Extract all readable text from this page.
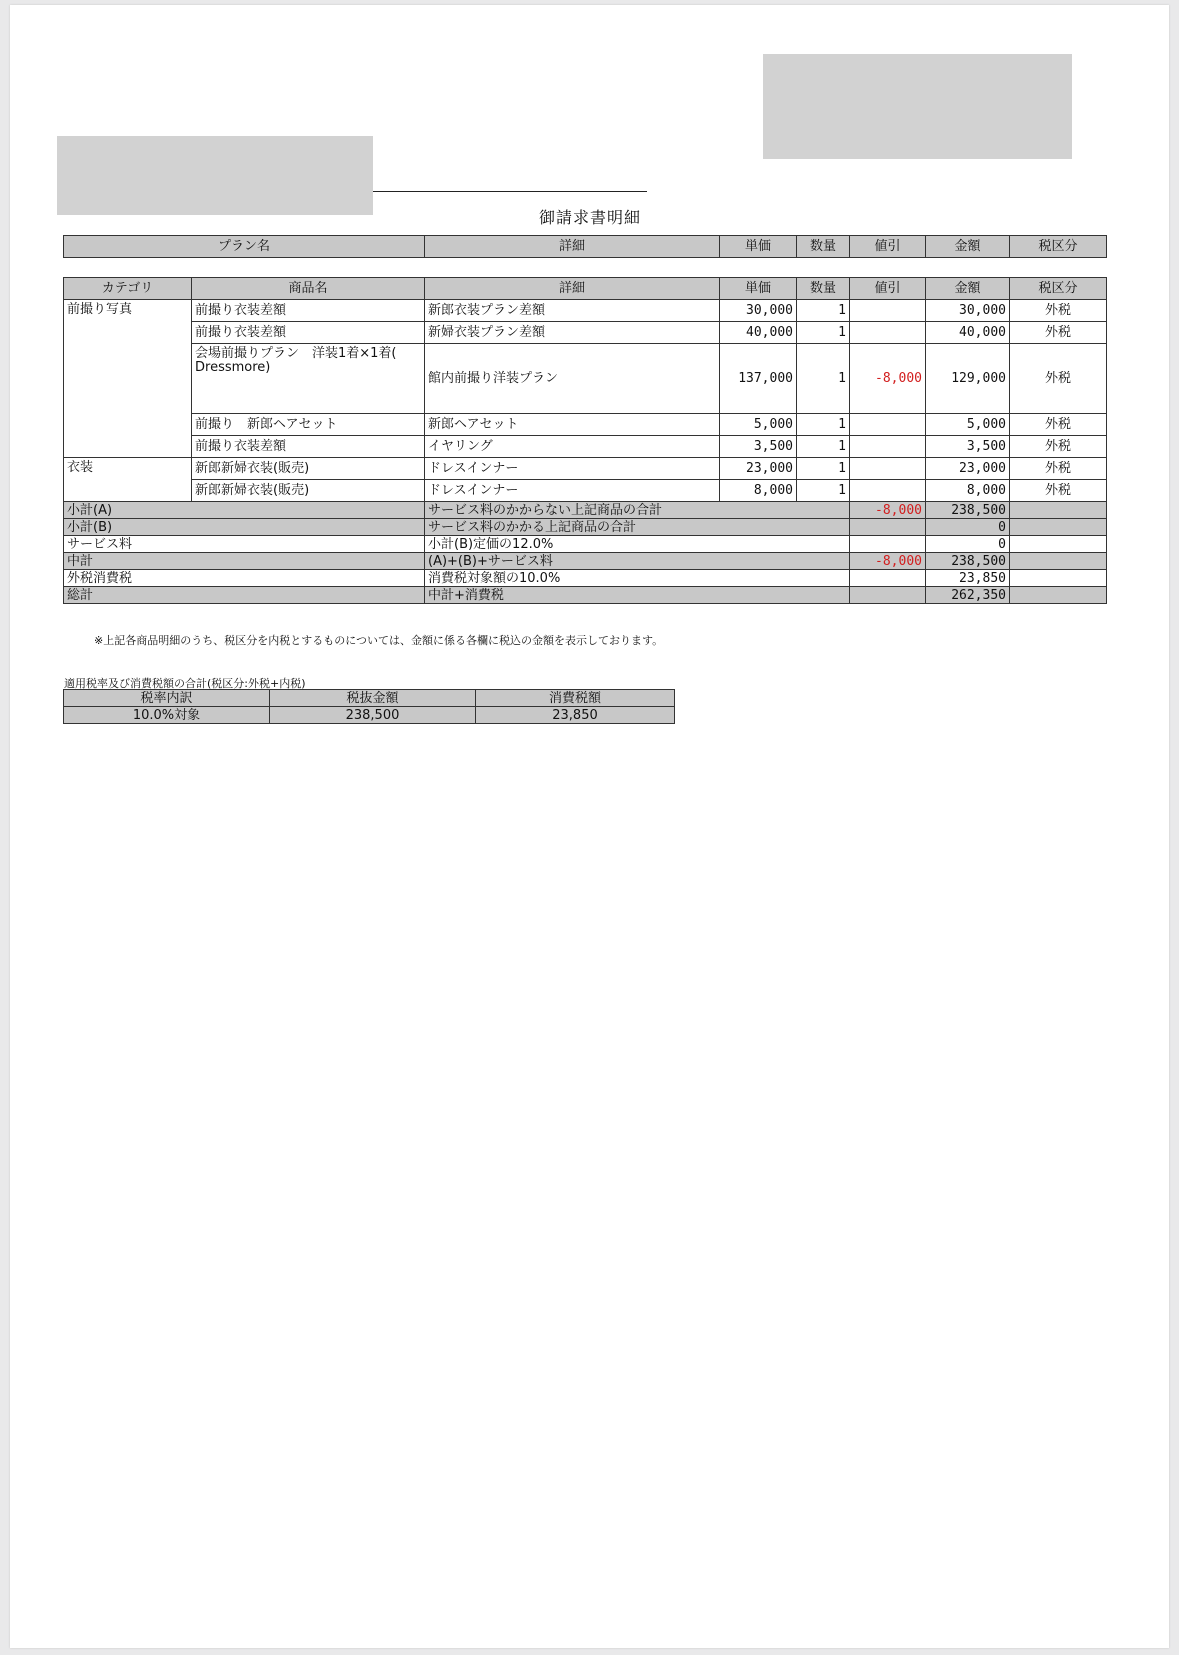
御請求書明細
プラン名	詳細	単価	数量	値引	金額	税区分
カテゴリ	商品名	詳細	単価	数量	値引	金額	税区分
前撮り写真	前撮り衣装差額	新郎衣装プラン差額	30,000	1		30,000	外税
	前撮り衣装差額	新婦衣装プラン差額	40,000	1		40,000	外税
	会場前撮りプラン　洋装1着×1着( Dressmore)	館内前撮り洋装プラン	137,000	1	-8,000	129,000	外税
	前撮り　新郎ヘアセット	新郎ヘアセット	5,000	1		5,000	外税
	前撮り衣装差額	イヤリング	3,500	1		3,500	外税
衣装	新郎新婦衣装(販売)	ドレスインナー	23,000	1		23,000	外税
	新郎新婦衣装(販売)	ドレスインナー	8,000	1		8,000	外税
小計(A)		サービス料のかからない上記商品の合計			-8,000	238,500	
小計(B)		サービス料のかかる上記商品の合計				0	
サービス料		小計(B)定価の12.0%				0	
中計		(A)+(B)+サービス料			-8,000	238,500	
外税消費税		消費税対象額の10.0%				23,850	
総計		中計+消費税				262,350	
※上記各商品明細のうち、税区分を内税とするものについては、金額に係る各欄に税込の金額を表示しております。
適用税率及び消費税額の合計(税区分:外税+内税)
税率内訳	税抜金額	消費税額
10.0%対象	238,500	23,850
